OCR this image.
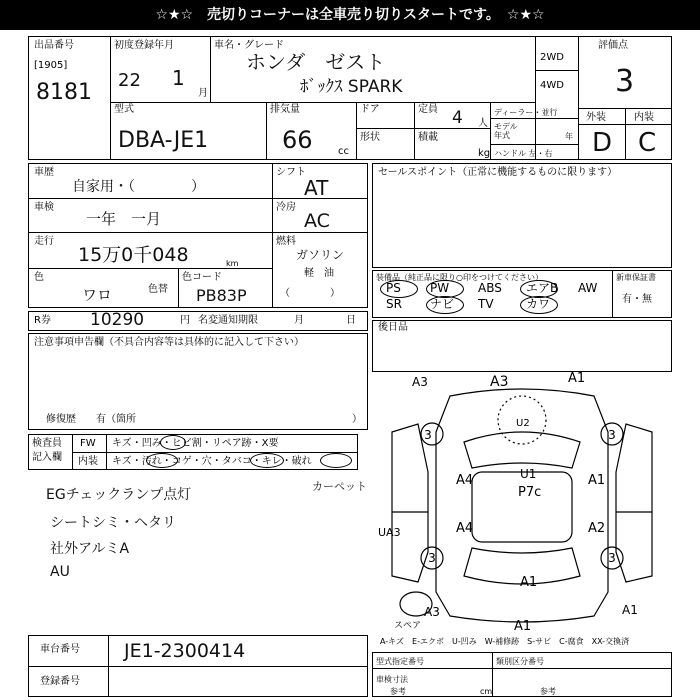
☆★☆　売切りコーナーは全車売り切りスタートです。　☆★☆
出品番号
[1905]
8181
初度登録年月
22 1
月
車名・グレード
ホンダ　ゼスト
ﾎﾞｯｸｽ SPARK
2WD
4WD
評価点
3
型式
DBA-JE1
排気量
66	cc
ドア
形状
定員 4 人
積載
kg
ディーラー・並行
モデル
年式	年
ハンドル 左・右
外装	内装
D C
車歴
自家用・（　　　　）
車検
一年　一月
走行
15万0千048	km
色
ワロ	色替
色コード
PB83P
シフト
AT
冷房
AC
燃料
ガソリン
軽　油
（　　　　）
R券 10290	円 名変通知期限	月	日
セールスポイント（正常に機能するものに限ります）
装備品（純正品に限り○印をつけてください）	新車保証書
有・無
PS PW ABS エアB AW
SR ナビ TV	カワ
後日品
注意事項申告欄（不具合内容等は具体的に記入して下さい）
修復歴　　有（箇所	）
検査員
記入欄
FW キズ・凹み・ヒビ割・リペア跡・X要
内装 キズ・汚れ・コゲ・穴・タバコ・キレ・破れ
EGチェックランプ点灯
シートシミ・ヘタリ
社外アルミA
AU
カーペット
A3	A3	A1
U2
3	3
A4	U1
P7c
A1
UA3	A4	A2
3	3
A1
A3
A1
A1
スペア
A-キズ　E-エクボ　U-凹み　W-補修跡　S-サビ　C-腐食　XX-交換済
車台番号 JE1-2300414
登録番号
型式指定番号	類別区分番号
車検寸法
参考	参考
cm
